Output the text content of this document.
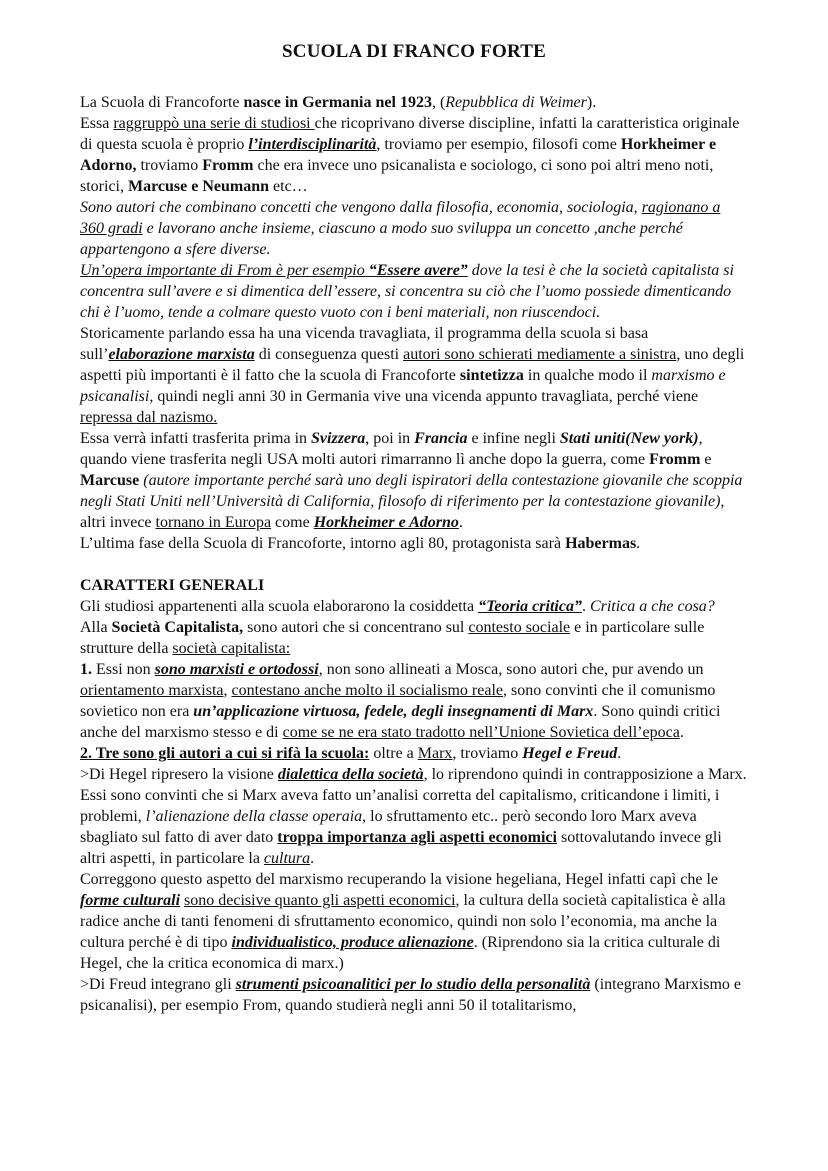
SCUOLA DI FRANCO FORTE

La Scuola di Francoforte nasce in Germania nel 1923, (Repubblica di Weimer).

Essa raggruppò una serie di studiosi che ricoprivano diverse discipline, infatti la caratteristica originale di questa scuola è proprio l’interdisciplinarità, troviamo per esempio, filosofi come Horkheimer e Adorno, troviamo Fromm che era invece uno psicanalista e sociologo, ci sono poi altri meno noti, storici, Marcuse e Neumann etc…

Sono autori che combinano concetti che vengono dalla filosofia, economia, sociologia, ragionano a 360 gradi e lavorano anche insieme, ciascuno a modo suo sviluppa un concetto ,anche perché appartengono a sfere diverse.

Un’opera importante di From è per esempio “Essere avere” dove la tesi è che la società capitalista si concentra sull’avere e si dimentica dell’essere, si concentra su ciò che l’uomo possiede dimenticando chi è l’uomo, tende a colmare questo vuoto con i beni materiali, non riuscendoci.

Storicamente parlando essa ha una vicenda travagliata, il programma della scuola si basa sull’elaborazione marxista di conseguenza questi autori sono schierati mediamente a sinistra, uno degli aspetti più importanti è il fatto che la scuola di Francoforte sintetizza in qualche modo il marxismo e psicanalisi, quindi negli anni 30 in Germania vive una vicenda appunto travagliata, perché viene repressa dal nazismo.

Essa verrà infatti trasferita prima in Svizzera, poi in Francia e infine negli Stati uniti(New york), quando viene trasferita negli USA molti autori rimarranno lì anche dopo la guerra, come Fromm e Marcuse (autore importante perché sarà uno degli ispiratori della contestazione giovanile che scoppia negli Stati Uniti nell’Università di California, filosofo di riferimento per la contestazione giovanile), altri invece tornano in Europa come Horkheimer e Adorno.

L’ultima fase della Scuola di Francoforte, intorno agli 80, protagonista sarà Habermas.

CARATTERI GENERALI

Gli studiosi appartenenti alla scuola elaborarono la cosiddetta “Teoria critica”. Critica a che cosa?

Alla Società Capitalista, sono autori che si concentrano sul contesto sociale e in particolare sulle strutture della società capitalista:

1. Essi non sono marxisti e ortodossi, non sono allineati a Mosca, sono autori che, pur avendo un orientamento marxista, contestano anche molto il socialismo reale, sono convinti che il comunismo sovietico non era un’applicazione virtuosa, fedele, degli insegnamenti di Marx. Sono quindi critici anche del marxismo stesso e di come se ne era stato tradotto nell’Unione Sovietica dell’epoca.

2. Tre sono gli autori a cui si rifà la scuola: oltre a Marx, troviamo Hegel e Freud.

>Di Hegel ripresero la visione dialettica della società, lo riprendono quindi in contrapposizione a Marx. Essi sono convinti che si Marx aveva fatto un’analisi corretta del capitalismo, criticandone i limiti, i problemi, l’alienazione della classe operaia, lo sfruttamento etc.. però secondo loro Marx aveva sbagliato sul fatto di aver dato troppa importanza agli aspetti economici sottovalutando invece gli altri aspetti, in particolare la cultura.

Correggono questo aspetto del marxismo recuperando la visione hegeliana, Hegel infatti capì che le forme culturali sono decisive quanto gli aspetti economici, la cultura della società capitalistica è alla radice anche di tanti fenomeni di sfruttamento economico, quindi non solo l’economia, ma anche la cultura perché è di tipo individualistico, produce alienazione. (Riprendono sia la critica culturale di Hegel, che la critica economica di marx.)

>Di Freud integrano gli strumenti psicoanalitici per lo studio della personalità (integrano Marxismo e psicanalisi), per esempio From, quando studierà negli anni 50 il totalitarismo,
